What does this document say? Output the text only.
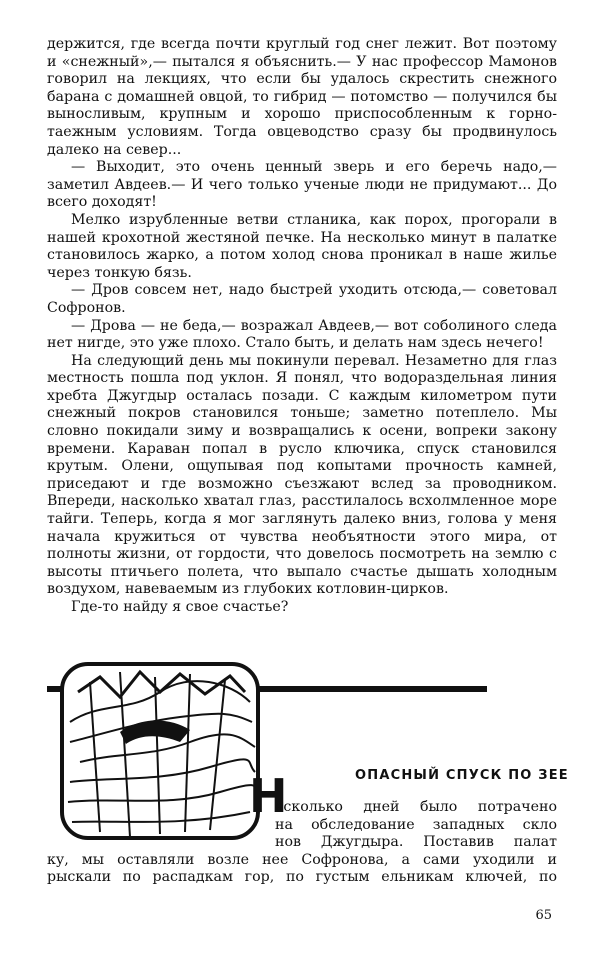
держится, где всегда почти круглый год снег лежит. Вот поэтому и «снежный»,— пытался я объяснить.— У нас профессор Мамонов говорил на лекциях, что если бы удалось скрестить снежного барана с домашней овцой, то гибрид — потомство — получился бы выносливым, крупным и хорошо приспособленным к горно-таежным условиям. Тогда овцеводство сразу бы продвинулось далеко на север...

— Выходит, это очень ценный зверь и его беречь надо,— заметил Авдеев.— И чего только ученые люди не придумают... До всего доходят!

Мелко изрубленные ветви стланика, как порох, прогорали в нашей крохотной жестяной печке. На несколько минут в палатке становилось жарко, а потом холод снова проникал в наше жилье через тонкую бязь.

— Дров совсем нет, надо быстрей уходить отсюда,— советовал Софронов.

— Дрова — не беда,— возражал Авдеев,— вот соболиного следа нет нигде, это уже плохо. Стало быть, и делать нам здесь нечего!

На следующий день мы покинули перевал. Незаметно для глаз местность пошла под уклон. Я понял, что водораздельная линия хребта Джугдыр осталась позади. С каждым километром пути снежный покров становился тоньше; заметно потеплело. Мы словно покидали зиму и возвращались к осени, вопреки закону времени. Караван попал в русло ключика, спуск становился крутым. Олени, ощупывая под копытами прочность камней, приседают и где возможно съезжают вслед за проводником. Впереди, насколько хватал глаз, расстилалось всхолмленное море тайги. Теперь, когда я мог заглянуть далеко вниз, голова у меня начала кружиться от чувства необъятности этого мира, от полноты жизни, от гордости, что довелось посмотреть на землю с высоты птичьего полета, что выпало счастье дышать холодным воздухом, навеваемым из глубоких котловин-цирков.

Где-то найду я свое счастье?

ОПАСНЫЙ СПУСК ПО ЗЕЕ
Н
есколько дней было потрачено
на обследование западных скло
нов Джугдыра. Поставив палат
ку, мы оставляли возле нее Софронова, а сами уходили и
рыскали по распадкам гор, по густым ельникам ключей, по
65
